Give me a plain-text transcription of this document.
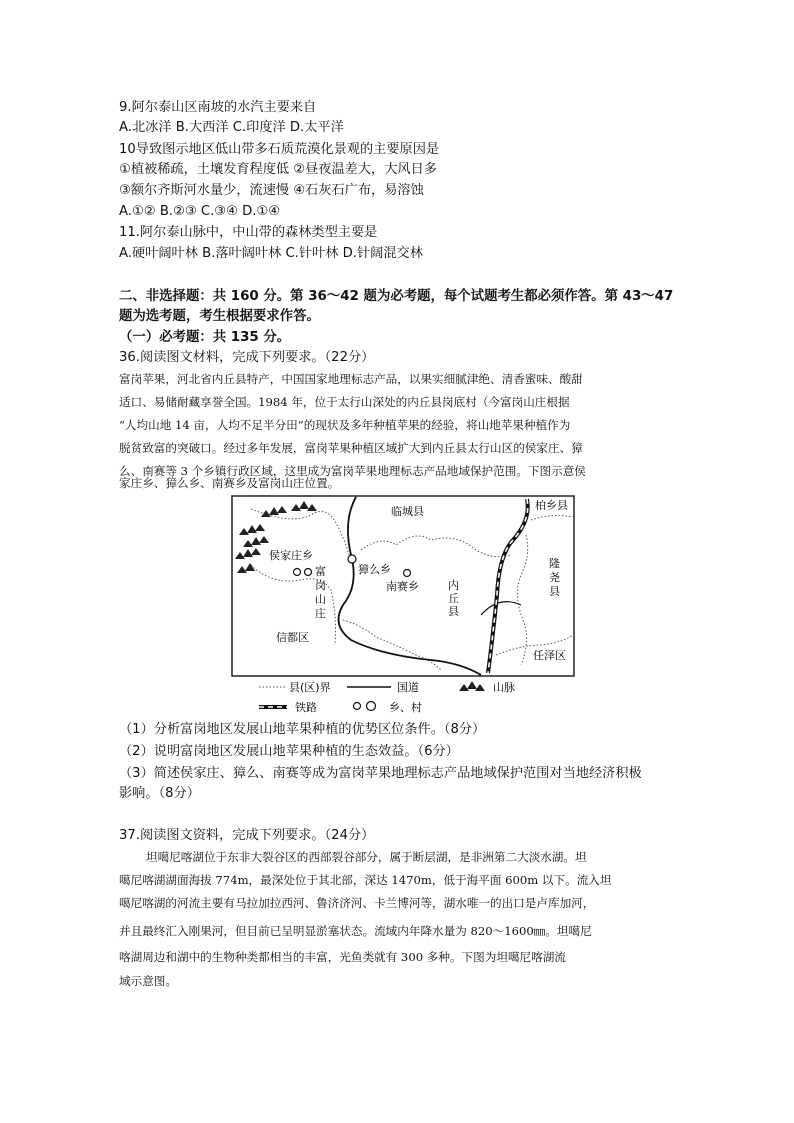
9.阿尔泰山区南坡的水汽主要来自
A.北冰洋 B.大西洋 C.印度洋 D.太平洋
10导致图示地区低山带多石质荒漠化景观的主要原因是
①植被稀疏，土壤发育程度低 ②昼夜温差大，大风日多
③额尔齐斯河水量少，流速慢 ④石灰石广布，易溶蚀
A.①② B.②③ C.③④ D.①④
11.阿尔泰山脉中，中山带的森林类型主要是
A.硬叶阔叶林 B.落叶阔叶林 C.针叶林 D.针阔混交林
二、非选择题：共 160 分。第 36～42 题为必考题，每个试题考生都必须作答。第 43～47
题为选考题，考生根据要求作答。
（一）必考题：共 135 分。
36.阅读图文材料，完成下列要求。（22分）
富岗苹果，河北省内丘县特产，中国国家地理标志产品，以果实细腻津绝、清香蜜味、酸甜
适口、易储耐藏享誉全国。1984 年，位于太行山深处的内丘县岗底村（今富岗山庄根据
“人均山地 14 亩，人均不足半分田”的现状及多年种植苹果的经验，将山地苹果种植作为
脱贫致富的突破口。经过多年发展，富岗苹果种植区域扩大到内丘县太行山区的侯家庄、獐
么、南赛等 3 个乡镇行政区域，这里成为富岗苹果地理标志产品地域保护范围。下图示意侯
家庄乡、獐么乡、南赛乡及富岗山庄位置。
临城县	柏乡县
侯家庄乡
富
岗
山
庄
獐么乡
南赛乡	内
丘
县
隆
尧
县
信都区
任泽区
县(区)界	国道	山脉
铁路	乡、村
（1）分析富岗地区发展山地苹果种植的优势区位条件。（8分）
（2）说明富岗地区发展山地苹果种植的生态效益。（6分）
（3）简述侯家庄、獐么、南赛等成为富岗苹果地理标志产品地域保护范围对当地经济积极
影响。（8分）
37.阅读图文资料，完成下列要求。（24分）
坦噶尼喀湖位于东非大裂谷区的西部裂谷部分，属于断层湖，是非洲第二大淡水湖。坦
噶尼喀湖湖面海拔 774m，最深处位于其北部，深达 1470m，低于海平面 600m 以下。流入坦
噶尼喀湖的河流主要有马拉加拉西河、鲁济济河、卡兰博河等，湖水唯一的出口是卢库加河，
并且最终汇入刚果河，但目前已呈明显淤塞状态。流域内年降水量为 820～1600㎜。坦噶尼
喀湖周边和湖中的生物种类都相当的丰富，光鱼类就有 300 多种。下图为坦噶尼喀湖流
域示意图。
